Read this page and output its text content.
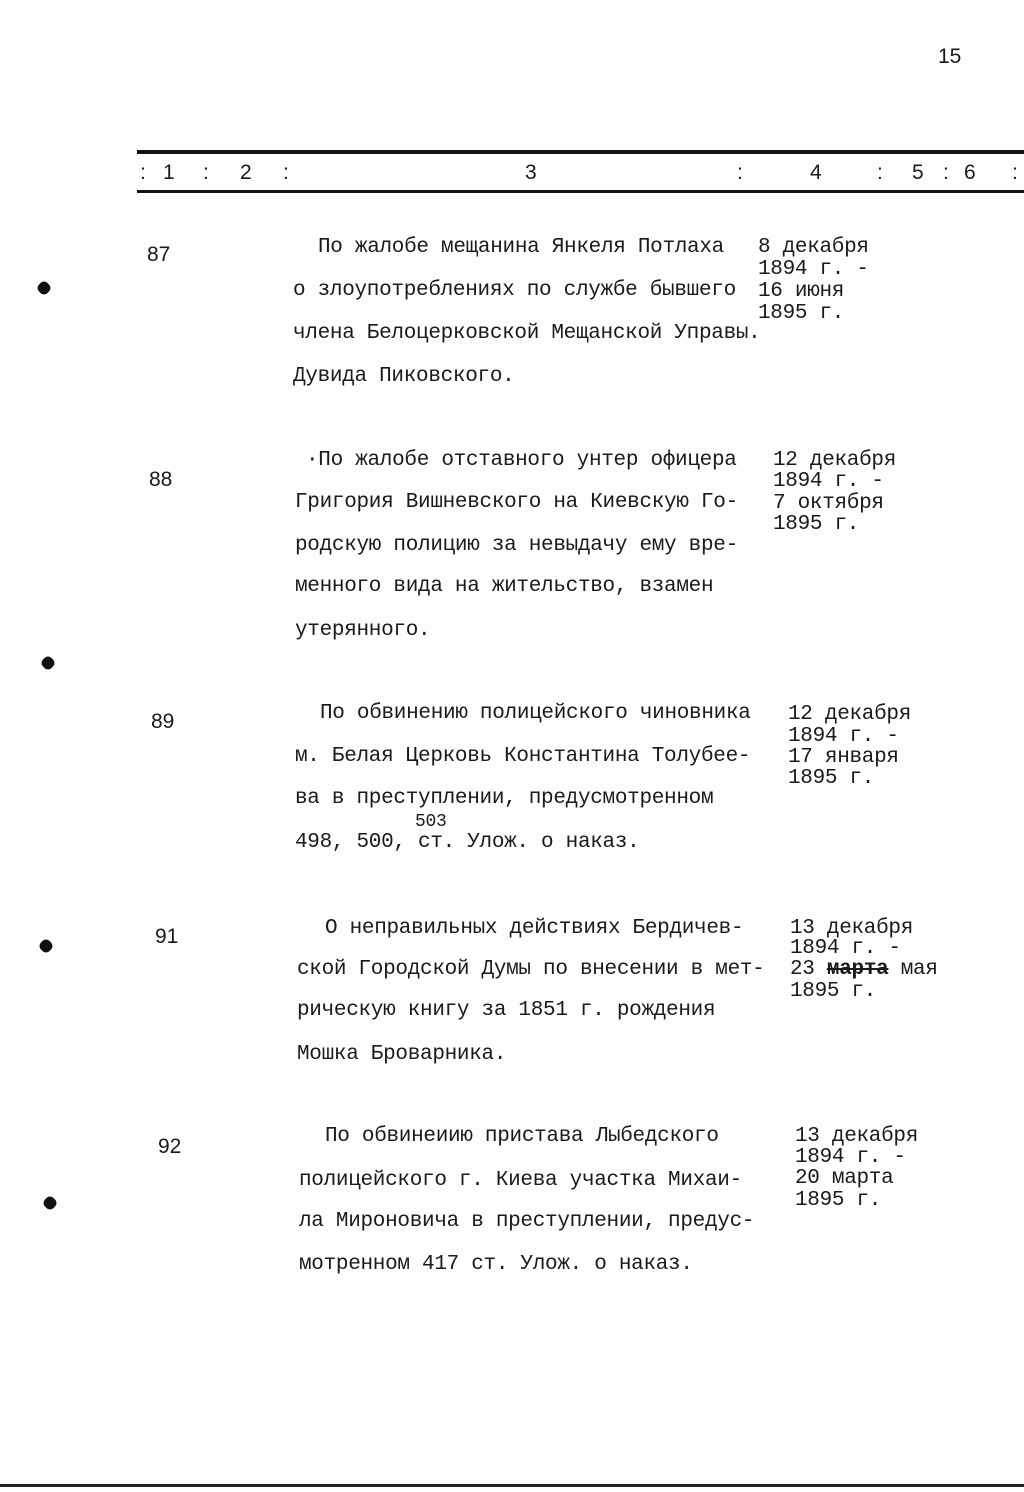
15
: 1 : 2 :	3	:	4	: 5 : 6 :
87	По жалобе мещанина Янкеля Потлаха
о злоупотреблениях по службе бывшего
члена Белоцерковской Мещанской Управы.
Дувида Пиковского.
8 декабря
1894 г. -
16 июня
1895 г.
88
·По жалобе отставного унтер офицера
Григория Вишневского на Киевскую Го-
родскую полицию за невыдачу ему вре-
менного вида на жительство, взамен
утерянного.
12 декабря
1894 г. -
7 октября
1895 г.
89	По обвинению полицейского чиновника
м. Белая Церковь Константина Толубее-
ва в преступлении, предусмотренном
503
498, 500, ст. Улож. о наказ.
12 декабря
1894 г. -
17 января
1895 г.
91	О неправильных действиях Бердичев-
ской Городской Думы по внесении в мет-
рическую книгу за 1851 г. рождения
Мошка Броварника.
13 декабря
1894 г. -
23 марта мая
1895 г.
92	По обвинеиию пристава Лыбедского
полицейского г. Киева участка Михаи-
ла Мироновича в преступлении, предус-
мотренном 417 ст. Улож. о наказ.
13 декабря
1894 г. -
20 марта
1895 г.
